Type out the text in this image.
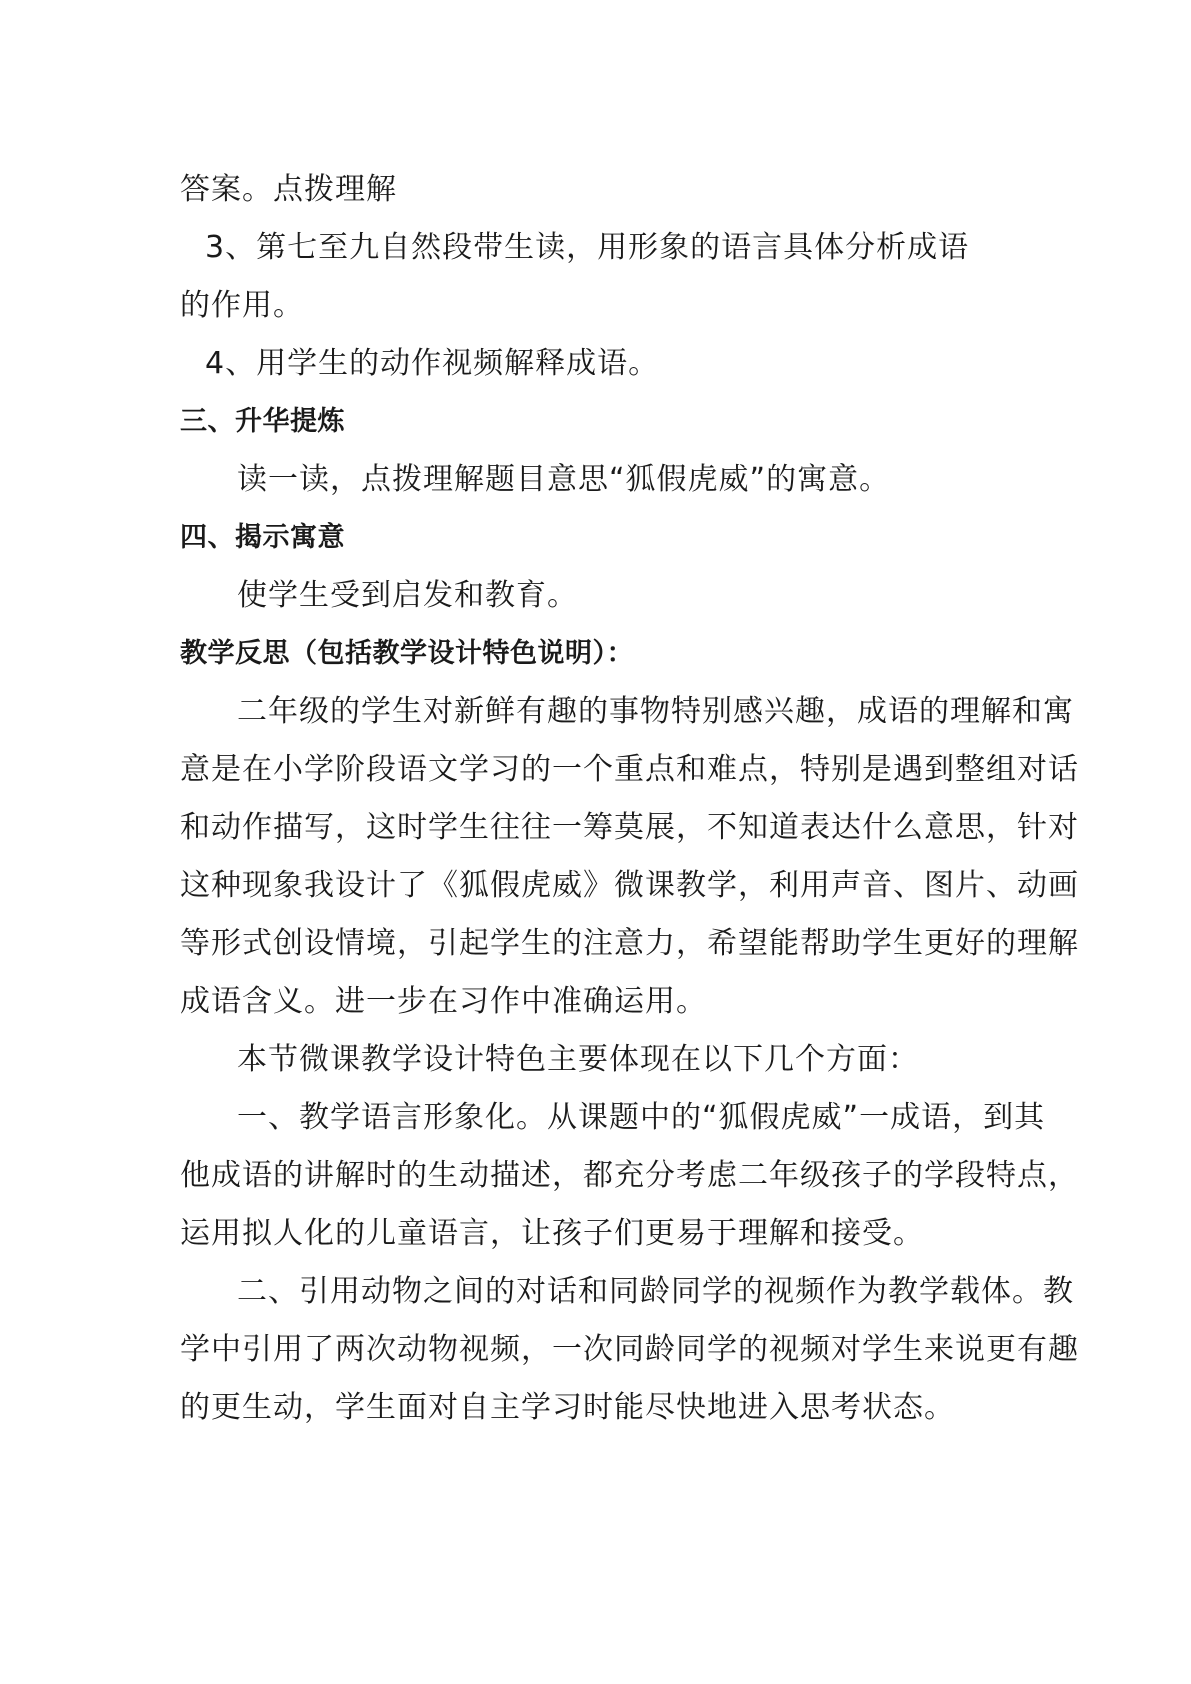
答案。点拨理解
3、第七至九自然段带生读，用形象的语言具体分析成语
的作用。
4、用学生的动作视频解释成语。
三、升华提炼
读一读，点拨理解题目意思“狐假虎威”的寓意。
四、揭示寓意
使学生受到启发和教育。
教学反思（包括教学设计特色说明）：
二年级的学生对新鲜有趣的事物特别感兴趣，成语的理解和寓
意是在小学阶段语文学习的一个重点和难点，特别是遇到整组对话
和动作描写，这时学生往往一筹莫展，不知道表达什么意思，针对
这种现象我设计了《狐假虎威》微课教学，利用声音、图片、动画
等形式创设情境，引起学生的注意力，希望能帮助学生更好的理解
成语含义。进一步在习作中准确运用。
本节微课教学设计特色主要体现在以下几个方面：
一、教学语言形象化。从课题中的“狐假虎威”一成语，到其
他成语的讲解时的生动描述，都充分考虑二年级孩子的学段特点，
运用拟人化的儿童语言，让孩子们更易于理解和接受。
二、引用动物之间的对话和同龄同学的视频作为教学载体。教
学中引用了两次动物视频，一次同龄同学的视频对学生来说更有趣
的更生动，学生面对自主学习时能尽快地进入思考状态。
